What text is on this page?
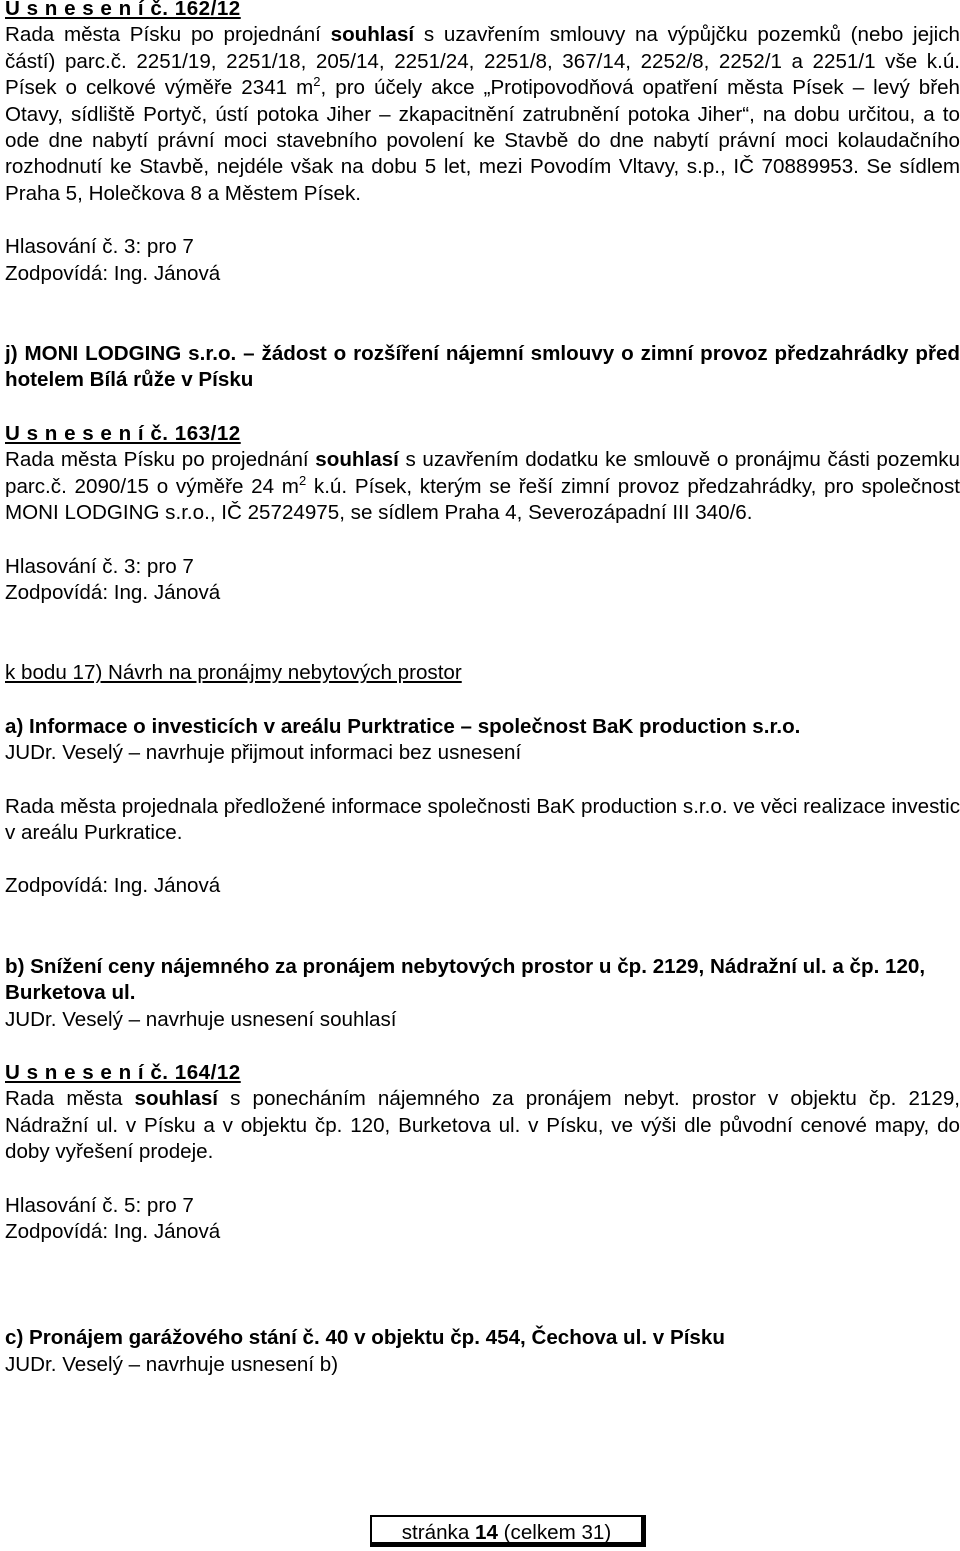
U s n e s e n í č. 162/12

Rada města Písku po projednání souhlasí s uzavřením smlouvy na výpůjčku pozemků (nebo jejich částí) parc.č. 2251/19, 2251/18, 205/14, 2251/24, 2251/8, 367/14, 2252/8, 2252/1 a 2251/1 vše k.ú. Písek o celkové výměře 2341 $m^2$, pro účely akce „Protipovodňová opatření města Písek – levý břeh Otavy, sídliště Portyč, ústí potoka Jiher – zkapacitnění zatrubnění potoka Jiher“, na dobu určitou, a to ode dne nabytí právní moci stavebního povolení ke Stavbě do dne nabytí právní moci kolaudačního rozhodnutí ke Stavbě, nejdéle však na dobu 5 let, mezi Povodím Vltavy, s.p., IČ 70889953. Se sídlem Praha 5, Holečkova 8 a Městem Písek.

Hlasování č. 3: pro 7

Zodpovídá: Ing. Jánová

j) MONI LODGING s.r.o. – žádost o rozšíření nájemní smlouvy o zimní provoz předzahrádky před hotelem Bílá růže v Písku

U s n e s e n í č. 163/12

Rada města Písku po projednání souhlasí s uzavřením dodatku ke smlouvě o pronájmu části pozemku parc.č. 2090/15 o výměře 24 $m^2$ k.ú. Písek, kterým se řeší zimní provoz předzahrádky, pro společnost MONI LODGING s.r.o., IČ 25724975, se sídlem Praha 4, Severozápadní III 340/6.

Hlasování č. 3: pro 7

Zodpovídá: Ing. Jánová

k bodu 17) Návrh na pronájmy nebytových prostor

a) Informace o investicích v areálu Purktratice – společnost BaK production s.r.o.

JUDr. Veselý – navrhuje přijmout informaci bez usnesení

Rada města projednala předložené informace společnosti BaK production s.r.o. ve věci realizace investic v areálu Purkratice.

Zodpovídá: Ing. Jánová

b) Snížení ceny nájemného za pronájem nebytových prostor u čp. 2129, Nádražní ul. a čp. 120, Burketova ul.

JUDr. Veselý – navrhuje usnesení souhlasí

U s n e s e n í č. 164/12

Rada města souhlasí s ponecháním nájemného za pronájem nebyt. prostor v objektu čp. 2129, Nádražní ul. v Písku a v objektu čp. 120, Burketova ul. v Písku, ve výši dle původní cenové mapy, do doby vyřešení prodeje.

Hlasování č. 5: pro 7

Zodpovídá: Ing. Jánová

c) Pronájem garážového stání č. 40 v objektu čp. 454, Čechova ul. v Písku

JUDr. Veselý – navrhuje usnesení b)

stránka 14 (celkem 31)
